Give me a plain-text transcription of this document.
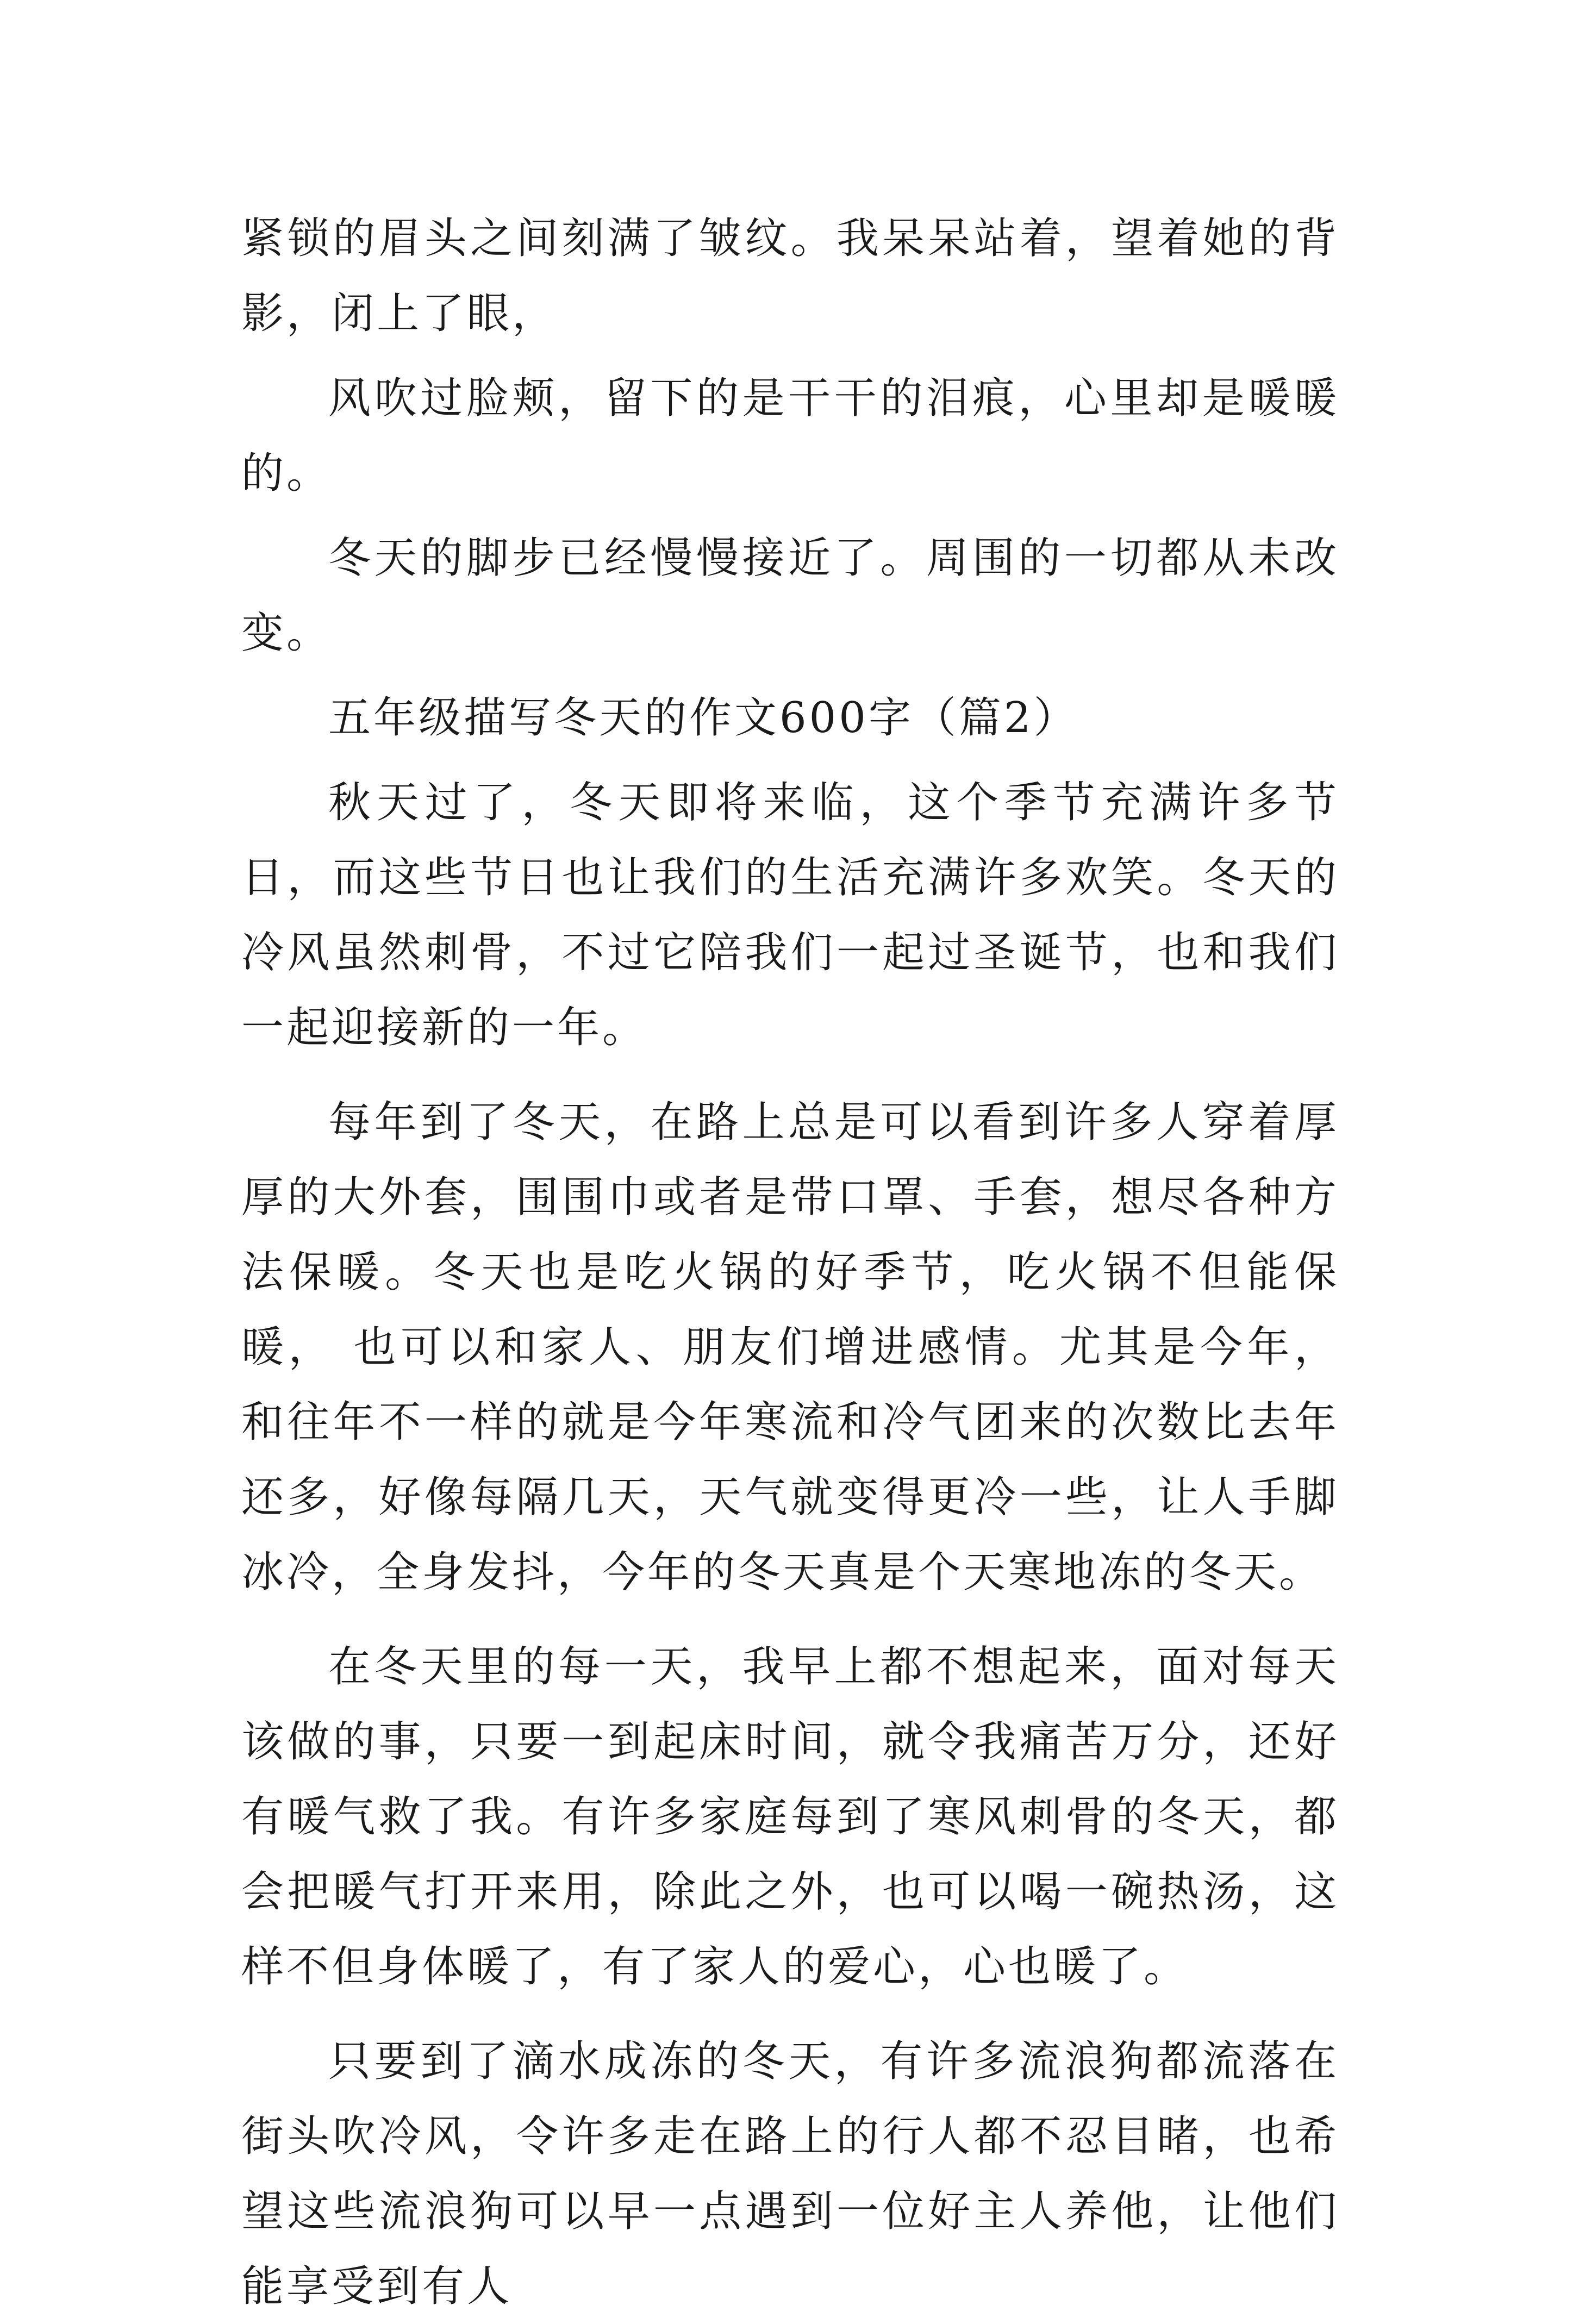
紧锁的眉头之间刻满了皱纹。我呆呆站着，望着她的背影，闭上了眼，

风吹过脸颊，留下的是干干的泪痕，心里却是暖暖的。

冬天的脚步已经慢慢接近了。周围的一切都从未改变。

五年级描写冬天的作文600字（篇2）

秋天过了，冬天即将来临，这个季节充满许多节日，而这些节日也让我们的生活充满许多欢笑。冬天的冷风虽然刺骨，不过它陪我们一起过圣诞节，也和我们一起迎接新的一年。

每年到了冬天，在路上总是可以看到许多人穿着厚厚的大外套，围围巾或者是带口罩、手套，想尽各种方法保暖。冬天也是吃火锅的好季节，吃火锅不但能保暖， 也可以和家人、朋友们增进感情。尤其是今年，和往年不一样的就是今年寒流和冷气团来的次数比去年还多，好像每隔几天，天气就变得更冷一些，让人手脚冰冷，全身发抖，今年的冬天真是个天寒地冻的冬天。

在冬天里的每一天，我早上都不想起来，面对每天该做的事，只要一到起床时间，就令我痛苦万分，还好有暖气救了我。有许多家庭每到了寒风刺骨的冬天，都会把暖气打开来用，除此之外，也可以喝一碗热汤，这样不但身体暖了，有了家人的爱心，心也暖了。

只要到了滴水成冻的冬天，有许多流浪狗都流落在街头吹冷风，令许多走在路上的行人都不忍目睹，也希望这些流浪狗可以早一点遇到一位好主人养他，让他们能享受到有人
